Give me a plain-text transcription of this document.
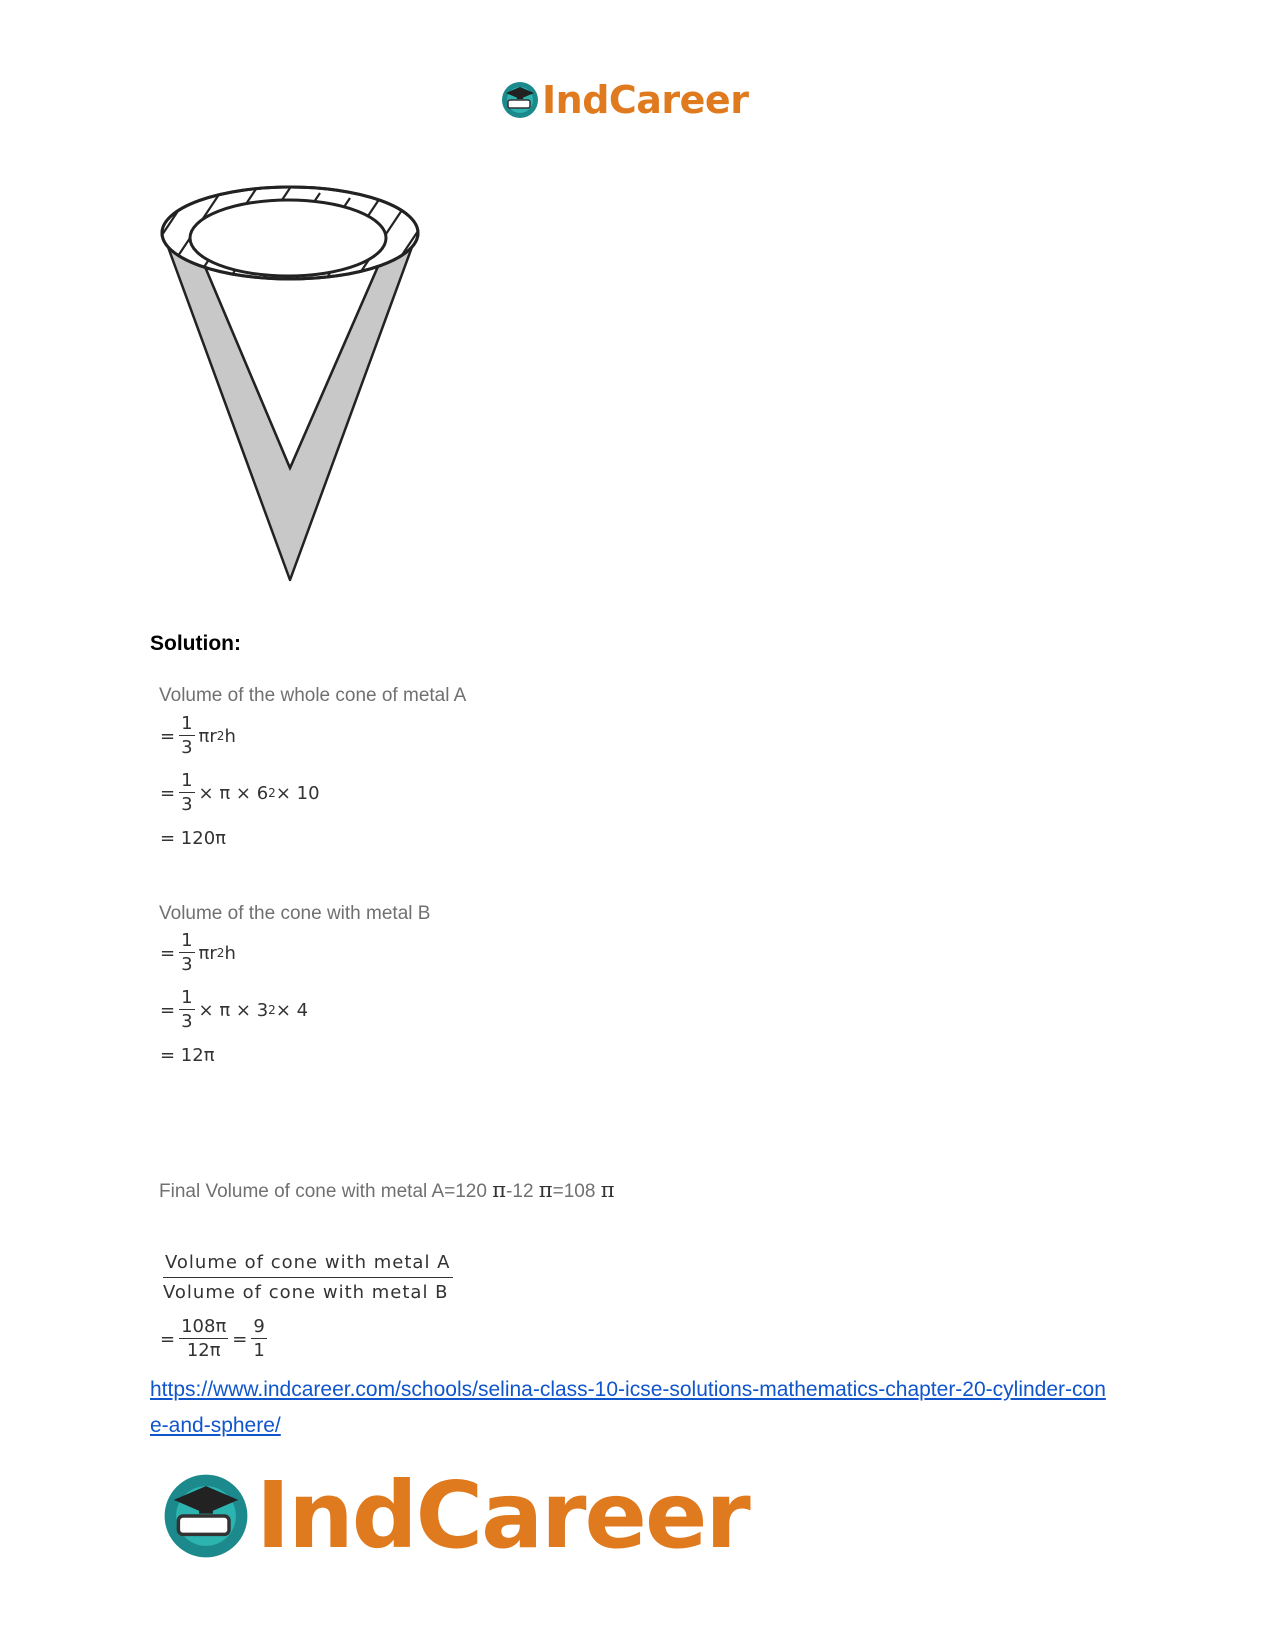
IndCareer
Solution:
Volume of the whole cone of metal A
= $\frac{1}{3}$ πr 2 h
= $\frac{1}{3} \times \pi \times 6$ 2 × 10
= 120π
Volume of the cone with metal B
= $\frac{1}{3}$ πr 2 h
= $\frac{1}{3} \times \pi \times 3$ 2 × 4
= 12π
Final Volume of cone with metal A=120 π-12 π=108 π
Volume of cone with metal A
Volume of cone with metal B
= $\frac{108\pi}{12\pi} = \frac{9}{1}$
https://www.indcareer.com/schools/selina-class-10-icse-solutions-mathematics-chapter-20-cylinder-cone-and-sphere/
IndCareer
